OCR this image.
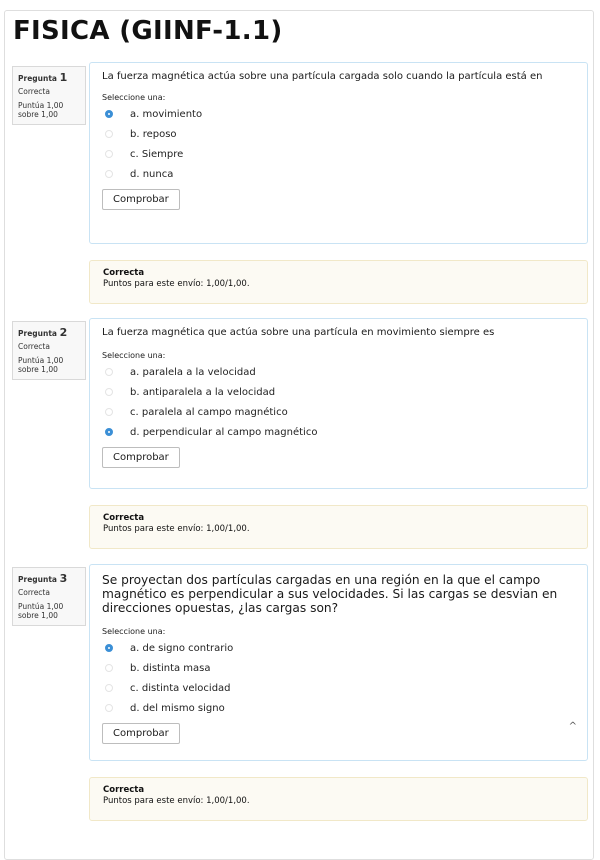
FISICA (GIINF-1.1)
Pregunta 1
Correcta
Puntúa 1,00
sobre 1,00
La fuerza magnética actúa sobre una partícula cargada solo cuando la partícula está en
Seleccione una:
a. movimiento
b. reposo
c. Siempre
d. nunca
Comprobar
Correcta
Puntos para este envío: 1,00/1,00.
Pregunta 2
Correcta
Puntúa 1,00
sobre 1,00
La fuerza magnética que actúa sobre una partícula en movimiento siempre es
Seleccione una:
a. paralela a la velocidad
b. antiparalela a la velocidad
c. paralela al campo magnético
d. perpendicular al campo magnético
Comprobar
Correcta
Puntos para este envío: 1,00/1,00.
Pregunta 3
Correcta
Puntúa 1,00
sobre 1,00
Se proyectan dos partículas cargadas en una región en la que el campo magnético es perpendicular a sus velocidades. Si las cargas se desvian en direcciones opuestas, ¿las cargas son?
Seleccione una:
a. de signo contrario
b. distinta masa
c. distinta velocidad
d. del mismo signo
Comprobar
^
Correcta
Puntos para este envío: 1,00/1,00.
